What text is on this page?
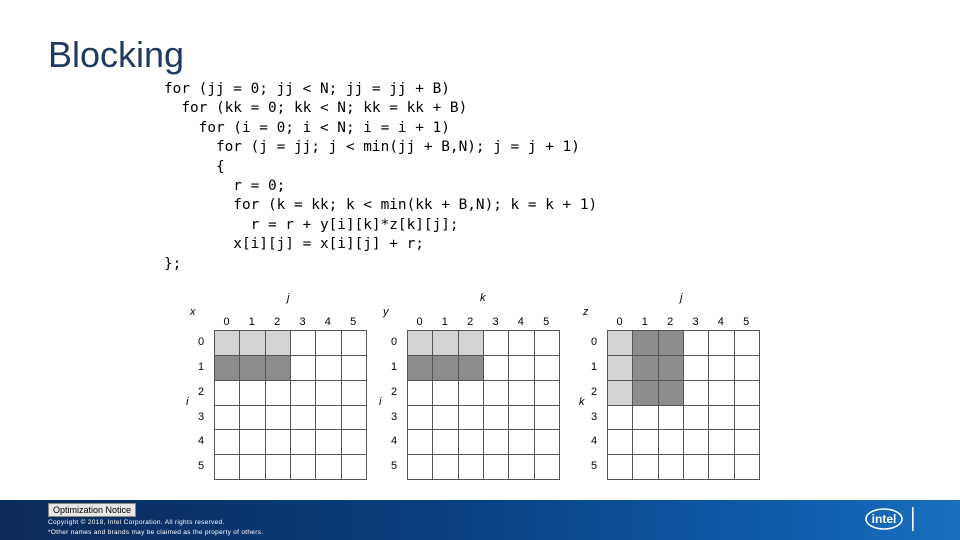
Blocking
for (jj = 0; jj < N; jj = jj + B)
for (kk = 0; kk < N; kk = kk + B)
for (i = 0; i < N; i = i + 1)
for (j = jj; j < min(jj + B,N); j = j + 1)
{
r = 0;
for (k = kk; k < min(kk + B,N); k = k + 1)
r = r + y[i][k]*z[k][j];
x[i][j] = x[i][j] + r;
};
x
j
i
0	1	2	3	4	5
0
1
2
3
4
5
y
k
i
0	1	2	3	4	5
0
1
2
3
4
5
z
j
k
0	1	2	3	4	5
0
1
2
3
4
5
Optimization Notice
Copyright © 2018, Intel Corporation. All rights reserved.
*Other names and brands may be claimed as the property of others.
intel
